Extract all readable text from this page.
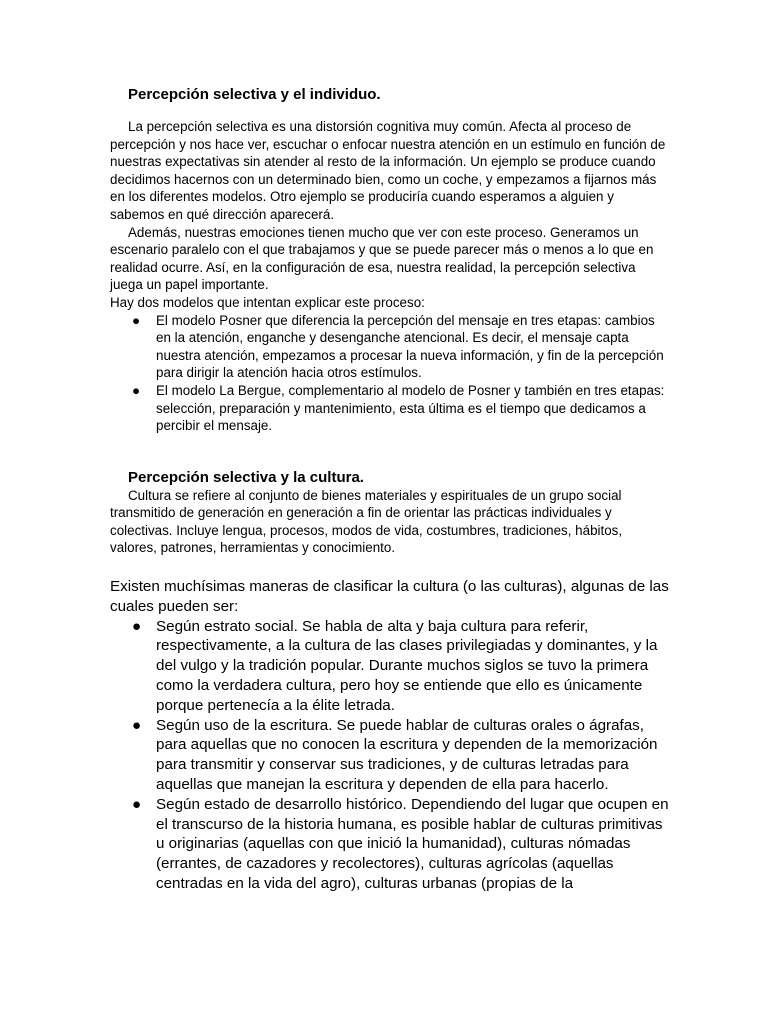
Percepción selectiva y el individuo.

La percepción selectiva es una distorsión cognitiva muy común. Afecta al proceso de percepción y nos hace ver, escuchar o enfocar nuestra atención en un estímulo en función de nuestras expectativas sin atender al resto de la información. Un ejemplo se produce cuando decidimos hacernos con un determinado bien, como un coche, y empezamos a fijarnos más en los diferentes modelos. Otro ejemplo se produciría cuando esperamos a alguien y sabemos en qué dirección aparecerá.

Además, nuestras emociones tienen mucho que ver con este proceso. Generamos un escenario paralelo con el que trabajamos y que se puede parecer más o menos a lo que en realidad ocurre. Así, en la configuración de esa, nuestra realidad, la percepción selectiva juega un papel importante.

Hay dos modelos que intentan explicar este proceso:

● El modelo Posner que diferencia la percepción del mensaje en tres etapas: cambios en la atención, enganche y desenganche atencional. Es decir, el mensaje capta nuestra atención, empezamos a procesar la nueva información, y fin de la percepción para dirigir la atención hacia otros estímulos.
● El modelo La Bergue, complementario al modelo de Posner y también en tres etapas: selección, preparación y mantenimiento, esta última es el tiempo que dedicamos a percibir el mensaje.
Percepción selectiva y la cultura.

Cultura se refiere al conjunto de bienes materiales y espirituales de un grupo social transmitido de generación en generación a fin de orientar las prácticas individuales y colectivas. Incluye lengua, procesos, modos de vida, costumbres, tradiciones, hábitos, valores, patrones, herramientas y conocimiento.

Existen muchísimas maneras de clasificar la cultura (o las culturas), algunas de las cuales pueden ser:

● Según estrato social. Se habla de alta y baja cultura para referir, respectivamente, a la cultura de las clases privilegiadas y dominantes, y la del vulgo y la tradición popular. Durante muchos siglos se tuvo la primera como la verdadera cultura, pero hoy se entiende que ello es únicamente porque pertenecía a la élite letrada.
● Según uso de la escritura. Se puede hablar de culturas orales o ágrafas, para aquellas que no conocen la escritura y dependen de la memorización para transmitir y conservar sus tradiciones, y de culturas letradas para aquellas que manejan la escritura y dependen de ella para hacerlo.
● Según estado de desarrollo histórico. Dependiendo del lugar que ocupen en el transcurso de la historia humana, es posible hablar de culturas primitivas u originarias (aquellas con que inició la humanidad), culturas nómadas (errantes, de cazadores y recolectores), culturas agrícolas (aquellas centradas en la vida del agro), culturas urbanas (propias de la
